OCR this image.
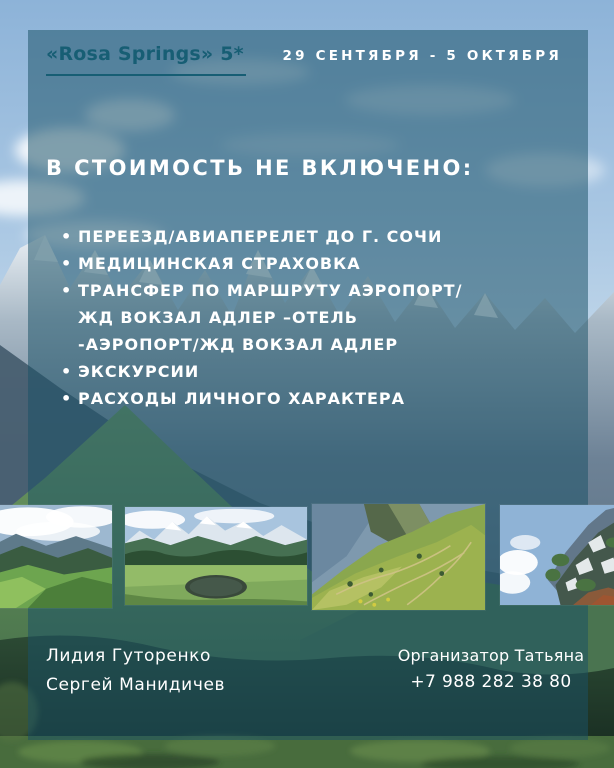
«Rosa Springs» 5*	29 СЕНТЯБРЯ - 5 ОКТЯБРЯ
В СТОИМОСТЬ НЕ ВКЛЮЧЕНО:
• ПЕРЕЕЗД/АВИАПЕРЕЛЕТ ДО Г. СОЧИ
• МЕДИЦИНСКАЯ СТРАХОВКА
• ТРАНСФЕР ПО МАРШРУТУ АЭРОПОРТ/ЖД ВОКЗАЛ АДЛЕР –ОТЕЛЬ -АЭРОПОРТ/ЖД ВОКЗАЛ АДЛЕР
• ЭКСКУРСИИ
• РАСХОДЫ ЛИЧНОГО ХАРАКТЕРА
Лидия Гуторенко
Сергей Манидичев
Организатор Татьяна
+7 988 282 38 80
